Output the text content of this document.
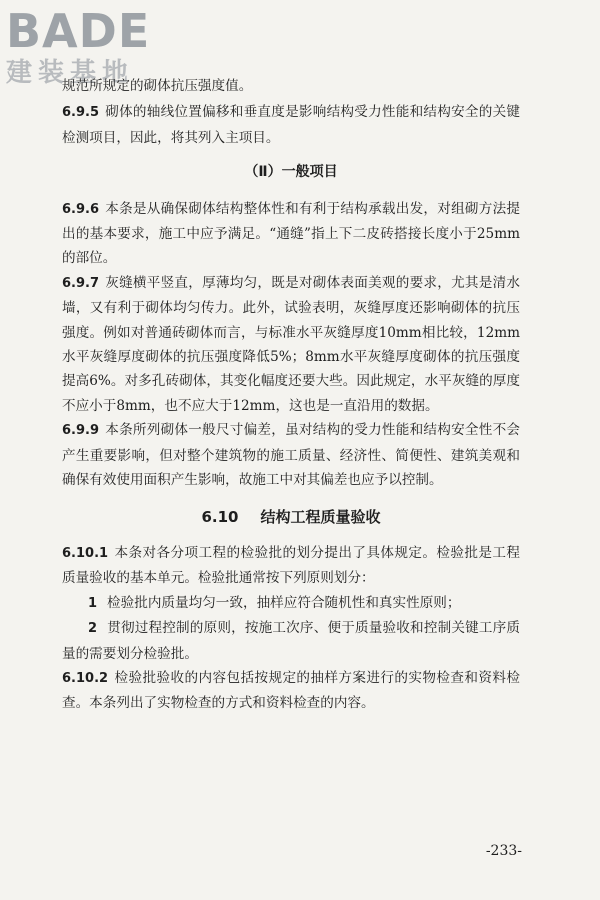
BADE
建装基地

规范所规定的砌体抗压强度值。

6.9.5 砌体的轴线位置偏移和垂直度是影响结构受力性能和结构安全的关键检测项目，因此，将其列入主项目。

（Ⅱ）一般项目

6.9.6 本条是从确保砌体结构整体性和有利于结构承载出发，对组砌方法提出的基本要求，施工中应予满足。“通缝”指上下二皮砖搭接长度小于25mm的部位。

6.9.7 灰缝横平竖直，厚薄均匀，既是对砌体表面美观的要求，尤其是清水墙，又有利于砌体均匀传力。此外，试验表明，灰缝厚度还影响砌体的抗压强度。例如对普通砖砌体而言，与标准水平灰缝厚度10mm相比较，12mm水平灰缝厚度砌体的抗压强度降低5%；8mm水平灰缝厚度砌体的抗压强度提高6%。对多孔砖砌体，其变化幅度还要大些。因此规定，水平灰缝的厚度不应小于8mm，也不应大于12mm，这也是一直沿用的数据。

6.9.9 本条所列砌体一般尺寸偏差，虽对结构的受力性能和结构安全性不会产生重要影响，但对整个建筑物的施工质量、经济性、简便性、建筑美观和确保有效使用面积产生影响，故施工中对其偏差也应予以控制。

6.10 结构工程质量验收

6.10.1 本条对各分项工程的检验批的划分提出了具体规定。检验批是工程质量验收的基本单元。检验批通常按下列原则划分：

1 检验批内质量均匀一致，抽样应符合随机性和真实性原则；

2 贯彻过程控制的原则，按施工次序、便于质量验收和控制关键工序质量的需要划分检验批。

6.10.2 检验批验收的内容包括按规定的抽样方案进行的实物检查和资料检查。本条列出了实物检查的方式和资料检查的内容。

-233-
